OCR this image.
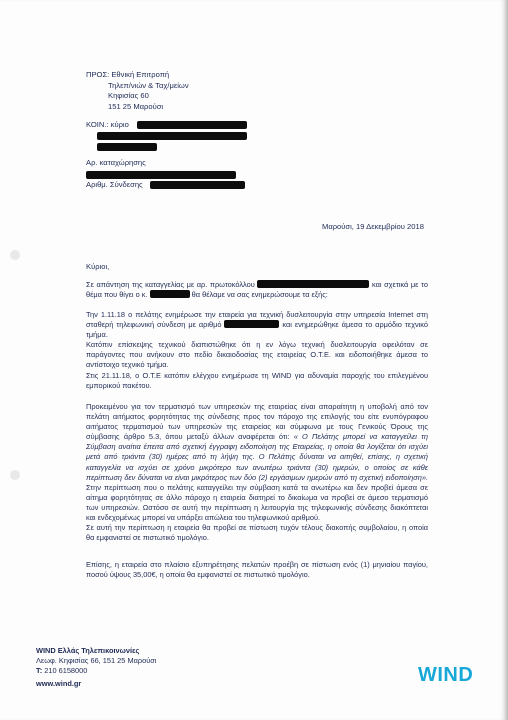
ΠΡΟΣ: Εθνική Επιτροπή
Τηλεπ/νιών & Ταχ/μείων
Κηφισίας 60
151 25 Μαρούσι
ΚΟΙΝ.: κύριο
Αρ. καταχώρησης
Αριθμ. Σύνδεσης
Μαρούσι, 19 Δεκεμβρίου 2018
Κύριοι,

Σε απάντηση της καταγγελίας με αρ. πρωτοκόλλου	και σχετικά με το θέμα που θίγει ο κ.	θα θέλαμε να σας ενημερώσουμε τα εξής:

Την 1.11.18 ο πελάτης ενημέρωσε την εταιρεία για τεχνική δυσλειτουργία στην υπηρεσία Internet στη σταθερή τηλεφωνική σύνδεση με αριθμό	και ενημερώθηκε άμεσα το αρμόδιο τεχνικό τμήμα.

Κατόπιν επίσκεψης τεχνικού διαπιστώθηκε ότι η εν λόγω τεχνική δυσλειτουργία οφειλόταν σε παράγοντες που ανήκουν στο πεδίο δικαιοδοσίας της εταιρείας Ο.Τ.Ε. και ειδοποιήθηκε άμεσα το αντίστοιχο τεχνικό τμήμα.

Στις 21.11.18, ο Ο.Τ.Ε κατόπιν ελέγχου ενημέρωσε τη WIND για αδυναμία παροχής του επιλεγμένου εμπορικού πακέτου.

Προκειμένου για τον τερματισμό των υπηρεσιών της εταιρείας είναι απαραίτητη η υποβολή από τον πελάτη αιτήματος φορητότητας της σύνδεσης προς τον πάροχο της επιλογής του είτε ενυπόγραφου αιτήματος τερματισμού των υπηρεσιών της εταιρείας και σύμφωνα με τους Γενικούς Όρους της σύμβασης άρθρο 5.3, όπου μεταξύ άλλων αναφέρεται ότι: « Ο Πελάτης μπορεί να καταγγείλει τη Σύμβαση αναίτια έπειτα από σχετική έγγραφη ειδοποίηση της Εταιρείας, η οποία θα λογίζεται ότι ισχύει μετά από τριάντα (30) ημέρες από τη λήψη της. Ο Πελάτης δύναται να αιτηθεί, επίσης, η σχετική καταγγελία να ισχύει σε χρόνο μικρότερο των ανωτέρω τριάντα (30) ημερών, ο οποίος σε κάθε περίπτωση δεν δύναται να είναι μικρότερος των δύο (2) εργάσιμων ημερών από τη σχετική ειδοποίηση». Στην περίπτωση που ο πελάτης καταγγείλει την σύμβαση κατά τα ανωτέρω και δεν προβεί άμεσα σε αίτημα φορητότητας σε άλλο πάροχο η εταιρεία διατηρεί το δικαίωμα να προβεί σε άμεσο τερματισμό των υπηρεσιών. Ωστόσο σε αυτή την περίπτωση η λειτουργία της τηλεφωνικής σύνδεσης διακόπτεται και ενδεχομένως μπορεί να υπάρξει απώλεια του τηλεφωνικού αριθμού.

Σε αυτή την περίπτωση η εταιρεία θα προβεί σε πίστωση τυχόν τέλους διακοπής συμβολαίου, η οποία θα εμφανιστεί σε πιστωτικό τιμολόγιο.

Επίσης, η εταιρεία στο πλαίσιο εξυπηρέτησης πελατών προέβη σε πίστωση ενός (1) μηνιαίου παγίου, ποσού ύψους 35,00€, η οποία θα εμφανιστεί σε πιστωτικό τιμολόγιο.
WIND Ελλάς Τηλεπικοινωνίες
Λεωφ. Κηφισίας 66, 151 25 Μαρούσι
T: 210 6158000
www.wind.gr	WIND
